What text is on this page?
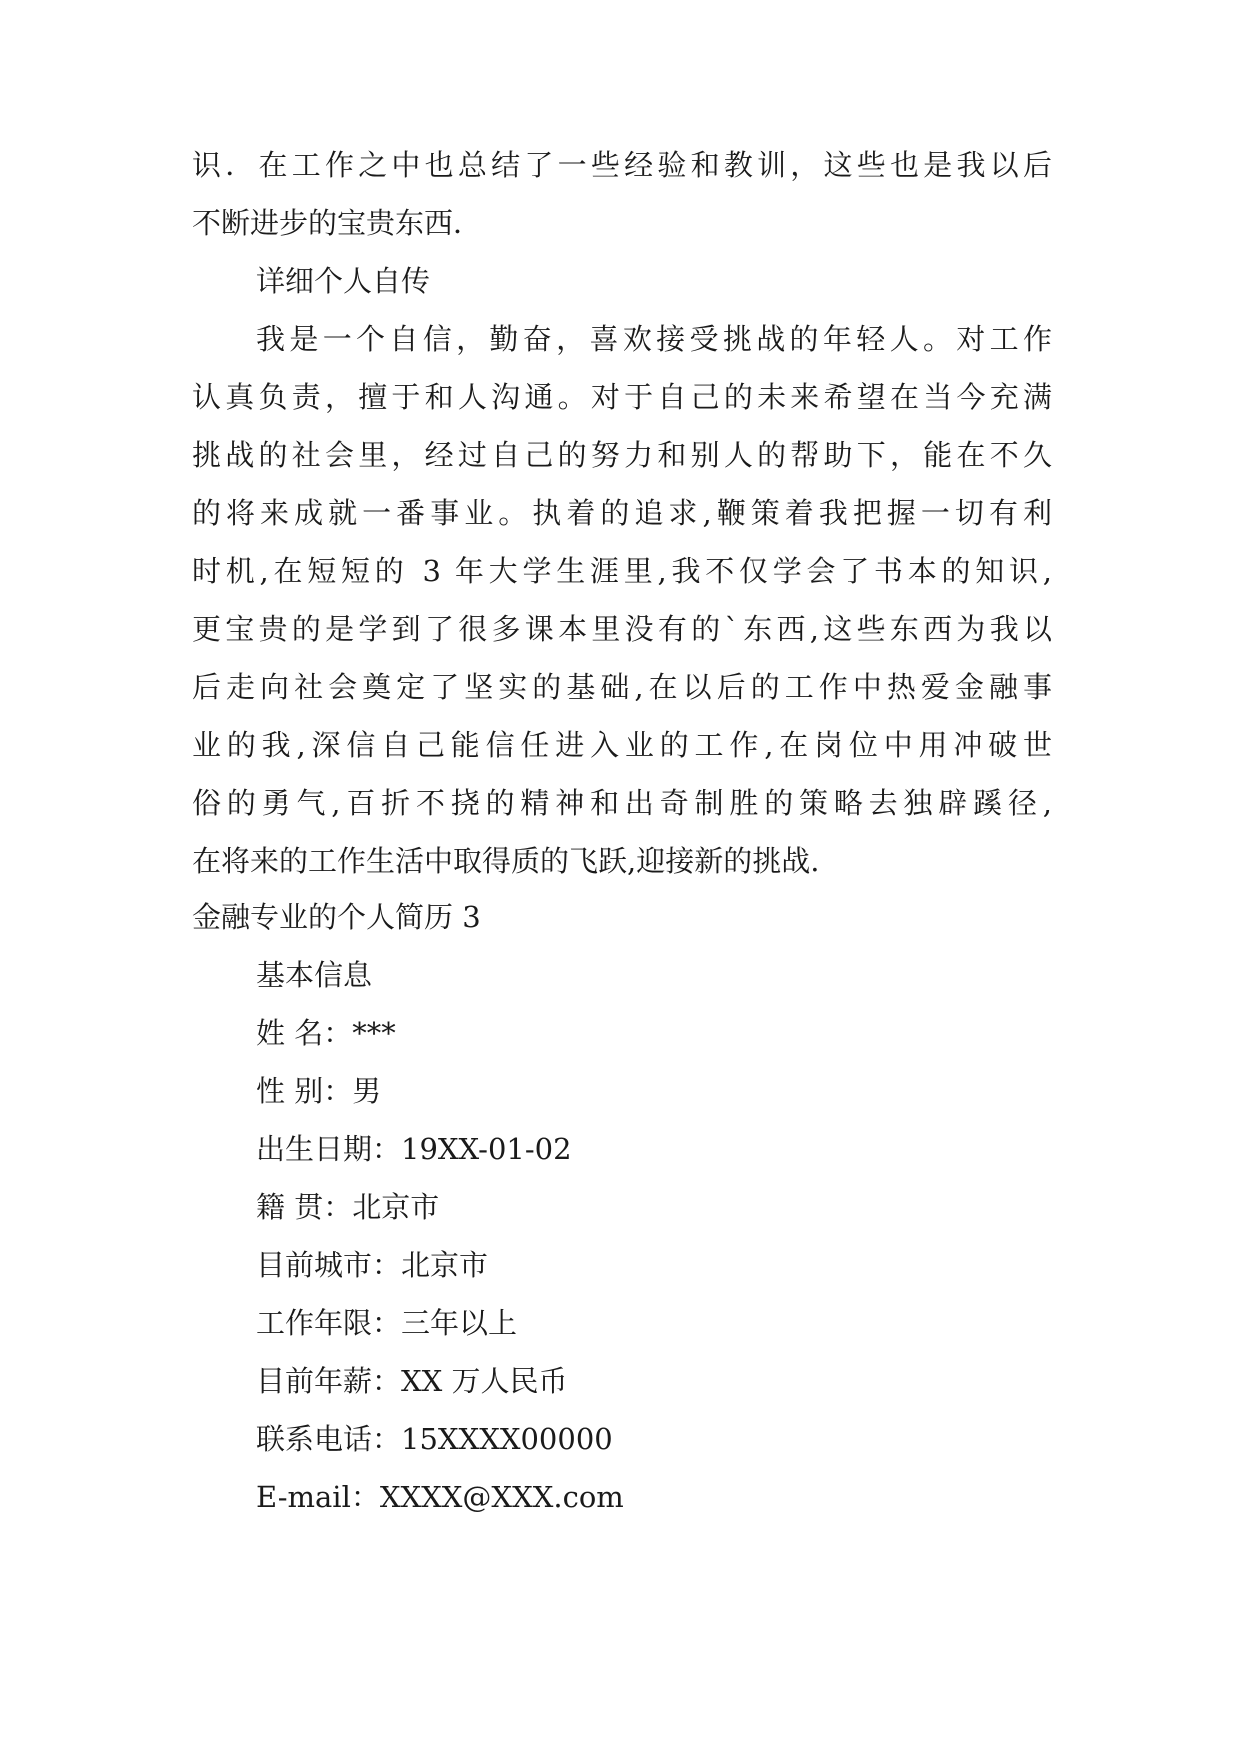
识．在工作之中也总结了一些经验和教训，这些也是我以后
不断进步的宝贵东西．
详细个人自传
我是一个自信，勤奋，喜欢接受挑战的年轻人。对工作
认真负责，擅于和人沟通。对于自己的未来希望在当今充满
挑战的社会里，经过自己的努力和别人的帮助下，能在不久
的将来成就一番事业。执着的追求,鞭策着我把握一切有利
时机,在短短的 3 年大学生涯里,我不仅学会了书本的知识,
更宝贵的是学到了很多课本里没有的`东西,这些东西为我以
后走向社会奠定了坚实的基础,在以后的工作中热爱金融事
业的我,深信自己能信任进入业的工作,在岗位中用冲破世
俗的勇气,百折不挠的精神和出奇制胜的策略去独辟蹊径,
在将来的工作生活中取得质的飞跃,迎接新的挑战.
金融专业的个人简历 3
基本信息
姓 名：***
性 别：男
出生日期：19XX-01-02
籍 贯：北京市
目前城市：北京市
工作年限：三年以上
目前年薪：XX 万人民币
联系电话：15XXXX00000
E-mail：XXXX@XXX.com
